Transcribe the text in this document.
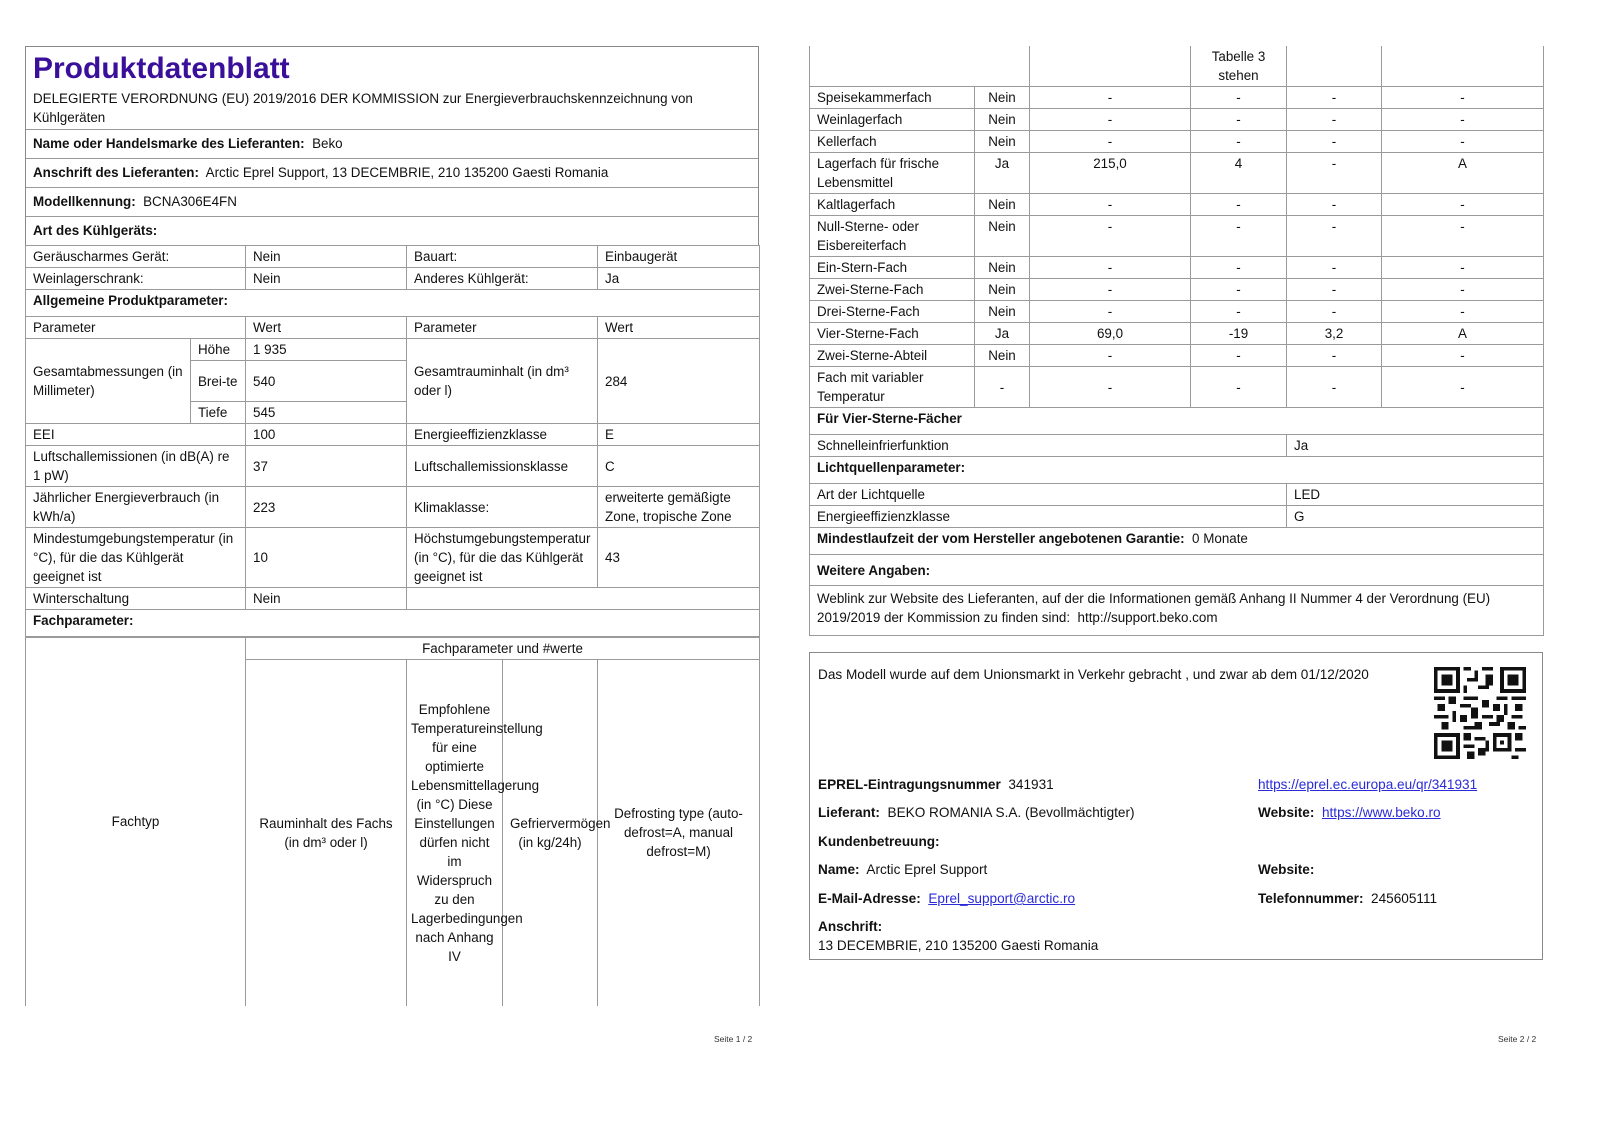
Produktdatenblatt
DELEGIERTE VERORDNUNG (EU) 2019/2016 DER KOMMISSION zur Energieverbrauchskennzeichnung von Kühlgeräten
Name oder Handelsmarke des Lieferanten: Beko
Anschrift des Lieferanten: Arctic Eprel Support, 13 DECEMBRIE, 210 135200 Gaesti Romania
Modellkennung: BCNA306E4FN
Art des Kühlgeräts:
Geräuscharmes Gerät:		Nein	Bauart:	Einbaugerät
Weinlagerschrank:		Nein	Anderes Kühlgerät:	Ja
Allgemeine Produktparameter:				
Parameter		Wert	Parameter	Wert
Gesamtabmessungen (in Millimeter)	Höhe	1 935	Gesamtrauminhalt (in dm³ oder l)	284
	Brei-te	540		
	Tiefe	545		
EEI		100	Energieeffizienzklasse	E
Luftschallemissionen (in dB(A) re 1 pW)		37	Luftschallemissionsklasse	C
Jährlicher Energieverbrauch (in kWh/a)		223	Klimaklasse:	erweiterte gemäßigte Zone, tropische Zone
Mindestumgebungstemperatur (in °C), für die das Kühlgerät geeignet ist		10	Höchstumgebungstemperatur (in °C), für die das Kühlgerät geeignet ist	43
Winterschaltung		Nein		
Fachparameter:				
Fachtyp	Fachparameter und #werte			
	Rauminhalt des Fachs (in dm³ oder l)	Empfohlene Temperatureinstellung für eine optimierte Lebensmittellagerung (in °C) Diese Einstellungen dürfen nicht im Widerspruch zu den Lagerbedingungen nach Anhang IV	Gefriervermögen (in kg/24h)	Defrosting type (auto-defrost=A, manual defrost=M)
Seite 1 / 2
			Tabelle 3 stehen		
Speisekammerfach	Nein	-	-	-	-
Weinlagerfach	Nein	-	-	-	-
Kellerfach	Nein	-	-	-	-
Lagerfach für frische Lebensmittel	Ja	215,0	4	-	A
Kaltlagerfach	Nein	-	-	-	-
Null-Sterne- oder Eisbereiterfach	Nein	-	-	-	-
Ein-Stern-Fach	Nein	-	-	-	-
Zwei-Sterne-Fach	Nein	-	-	-	-
Drei-Sterne-Fach	Nein	-	-	-	-
Vier-Sterne-Fach	Ja	69,0	-19	3,2	A
Zwei-Sterne-Abteil	Nein	-	-	-	-
Fach mit variabler Temperatur	-	-	-	-	-
Für Vier-Sterne-Fächer					
Schnelleinfrierfunktion				Ja	
Lichtquellenparameter:					
Art der Lichtquelle				LED	
Energieeffizienzklasse				G	
Mindestlaufzeit der vom Hersteller angebotenen Garantie: 0 Monate					
Weitere Angaben:					
Weblink zur Website des Lieferanten, auf der die Informationen gemäß Anhang II Nummer 4 der Verordnung (EU) 2019/2019 der Kommission zu finden sind: http://support.beko.com					
Das Modell wurde auf dem Unionsmarkt in Verkehr gebracht , und zwar ab dem 01/12/2020
EPREL-Eintragungsnummer 341931	https://eprel.ec.europa.eu/qr/341931
Lieferant: BEKO ROMANIA S.A. (Bevollmächtigter)	Website: https://www.beko.ro
Kundenbetreuung:
Name: Arctic Eprel Support	Website:
E-Mail-Adresse: Eprel_support@arctic.ro	Telefonnummer: 245605111
Anschrift:
13 DECEMBRIE, 210 135200 Gaesti Romania
Seite 2 / 2
